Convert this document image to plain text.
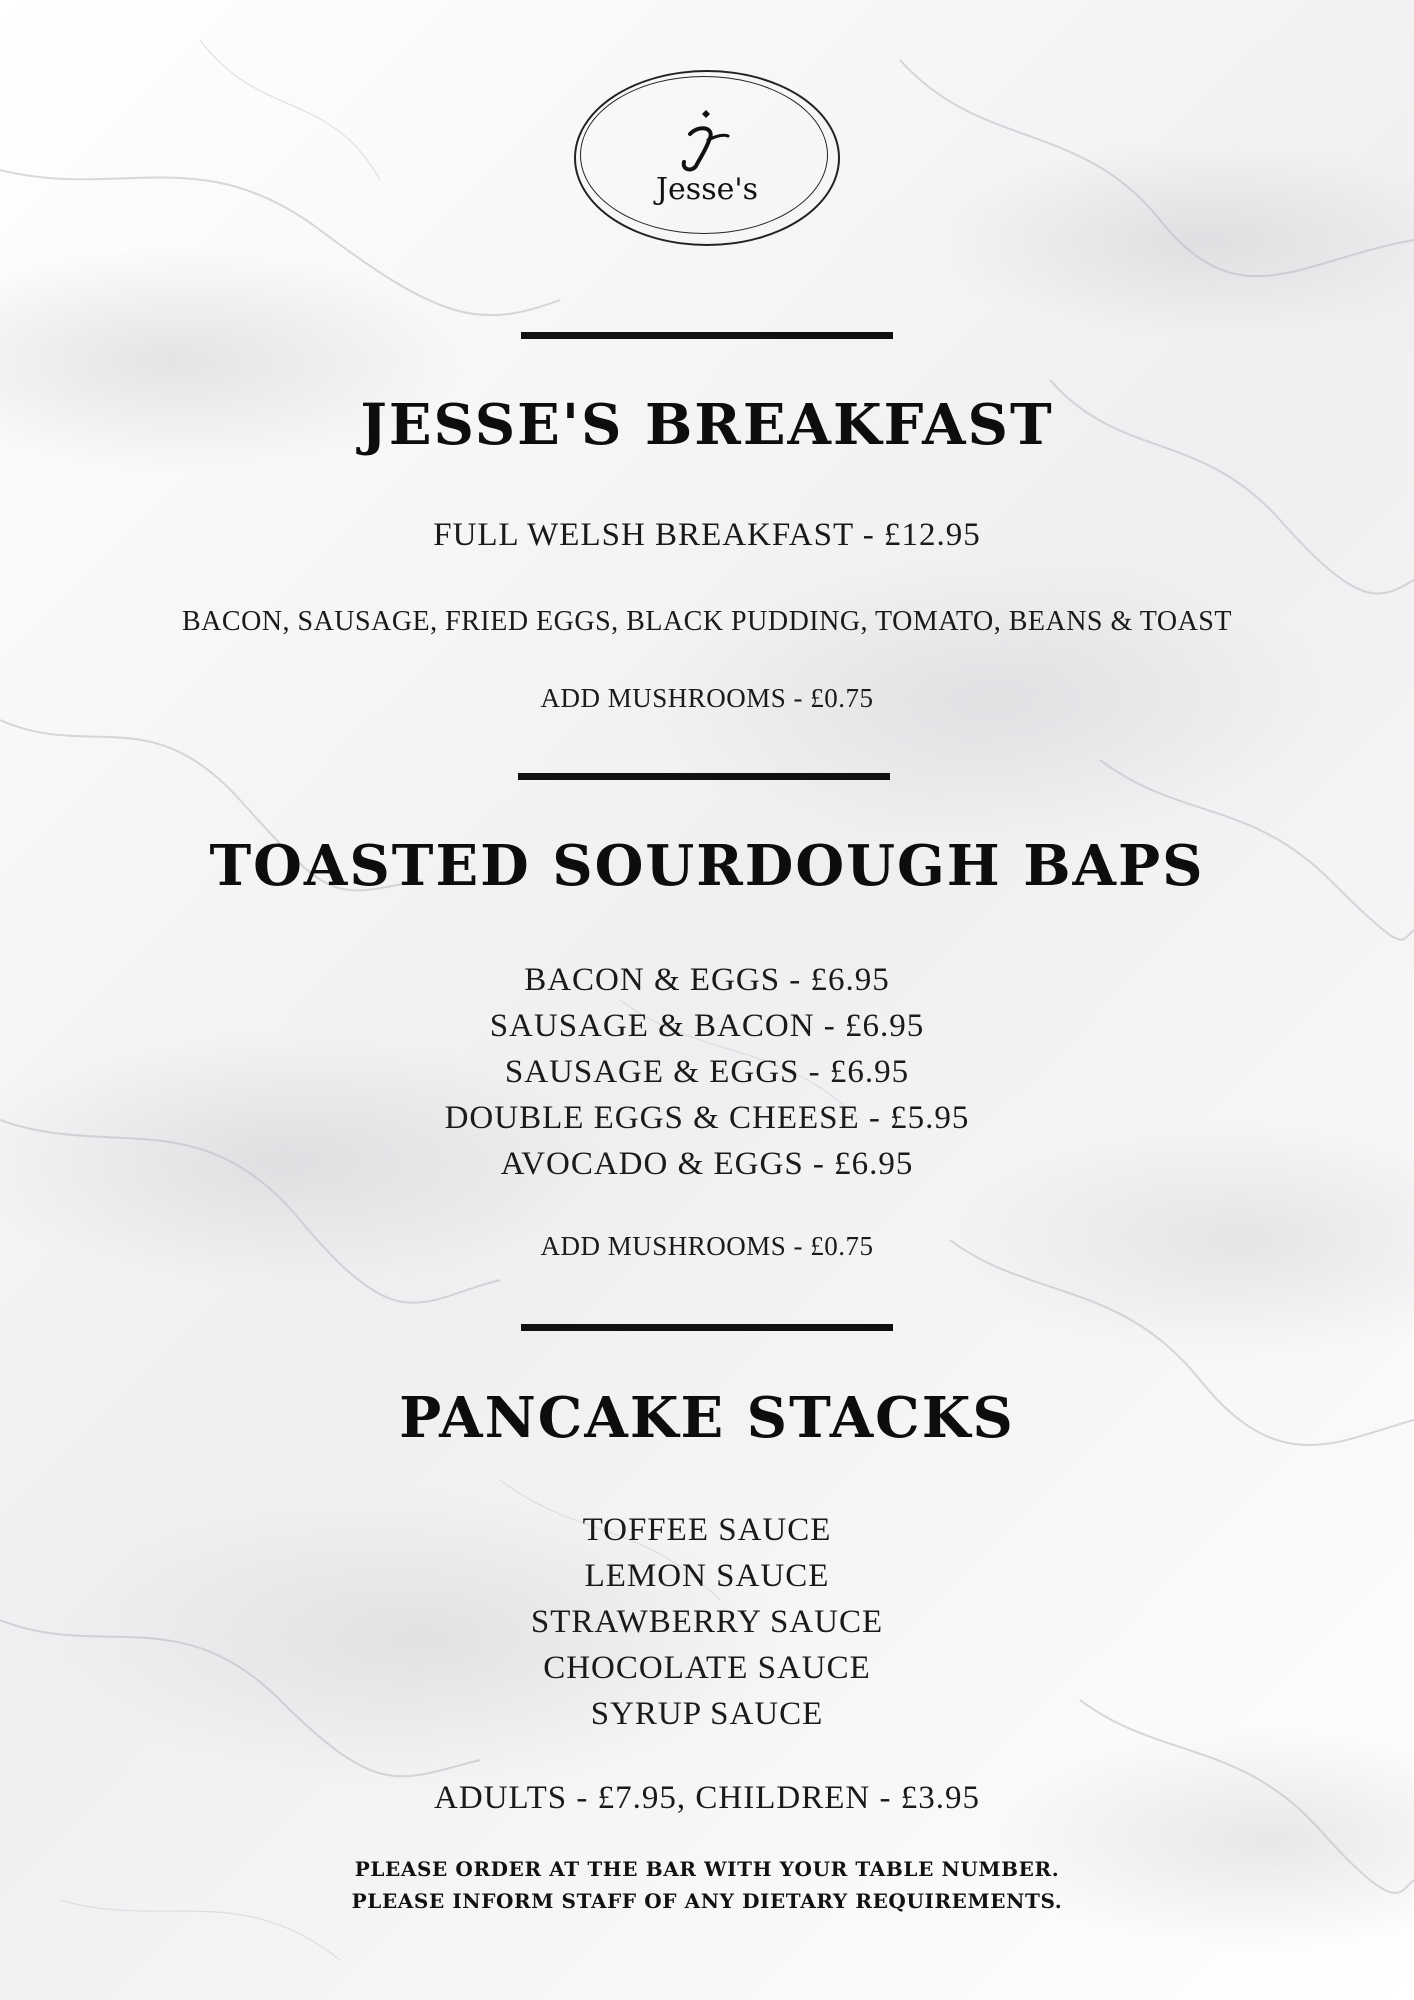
Jesse's
JESSE'S BREAKFAST
FULL WELSH BREAKFAST - £12.95
BACON, SAUSAGE, FRIED EGGS, BLACK PUDDING, TOMATO, BEANS & TOAST
ADD MUSHROOMS - £0.75
TOASTED SOURDOUGH BAPS
BACON & EGGS - £6.95
SAUSAGE & BACON - £6.95
SAUSAGE & EGGS - £6.95
DOUBLE EGGS & CHEESE - £5.95
AVOCADO & EGGS - £6.95
ADD MUSHROOMS - £0.75
PANCAKE STACKS
TOFFEE SAUCE
LEMON SAUCE
STRAWBERRY SAUCE
CHOCOLATE SAUCE
SYRUP SAUCE
ADULTS - £7.95, CHILDREN - £3.95
PLEASE ORDER AT THE BAR WITH YOUR TABLE NUMBER.
PLEASE INFORM STAFF OF ANY DIETARY REQUIREMENTS.
